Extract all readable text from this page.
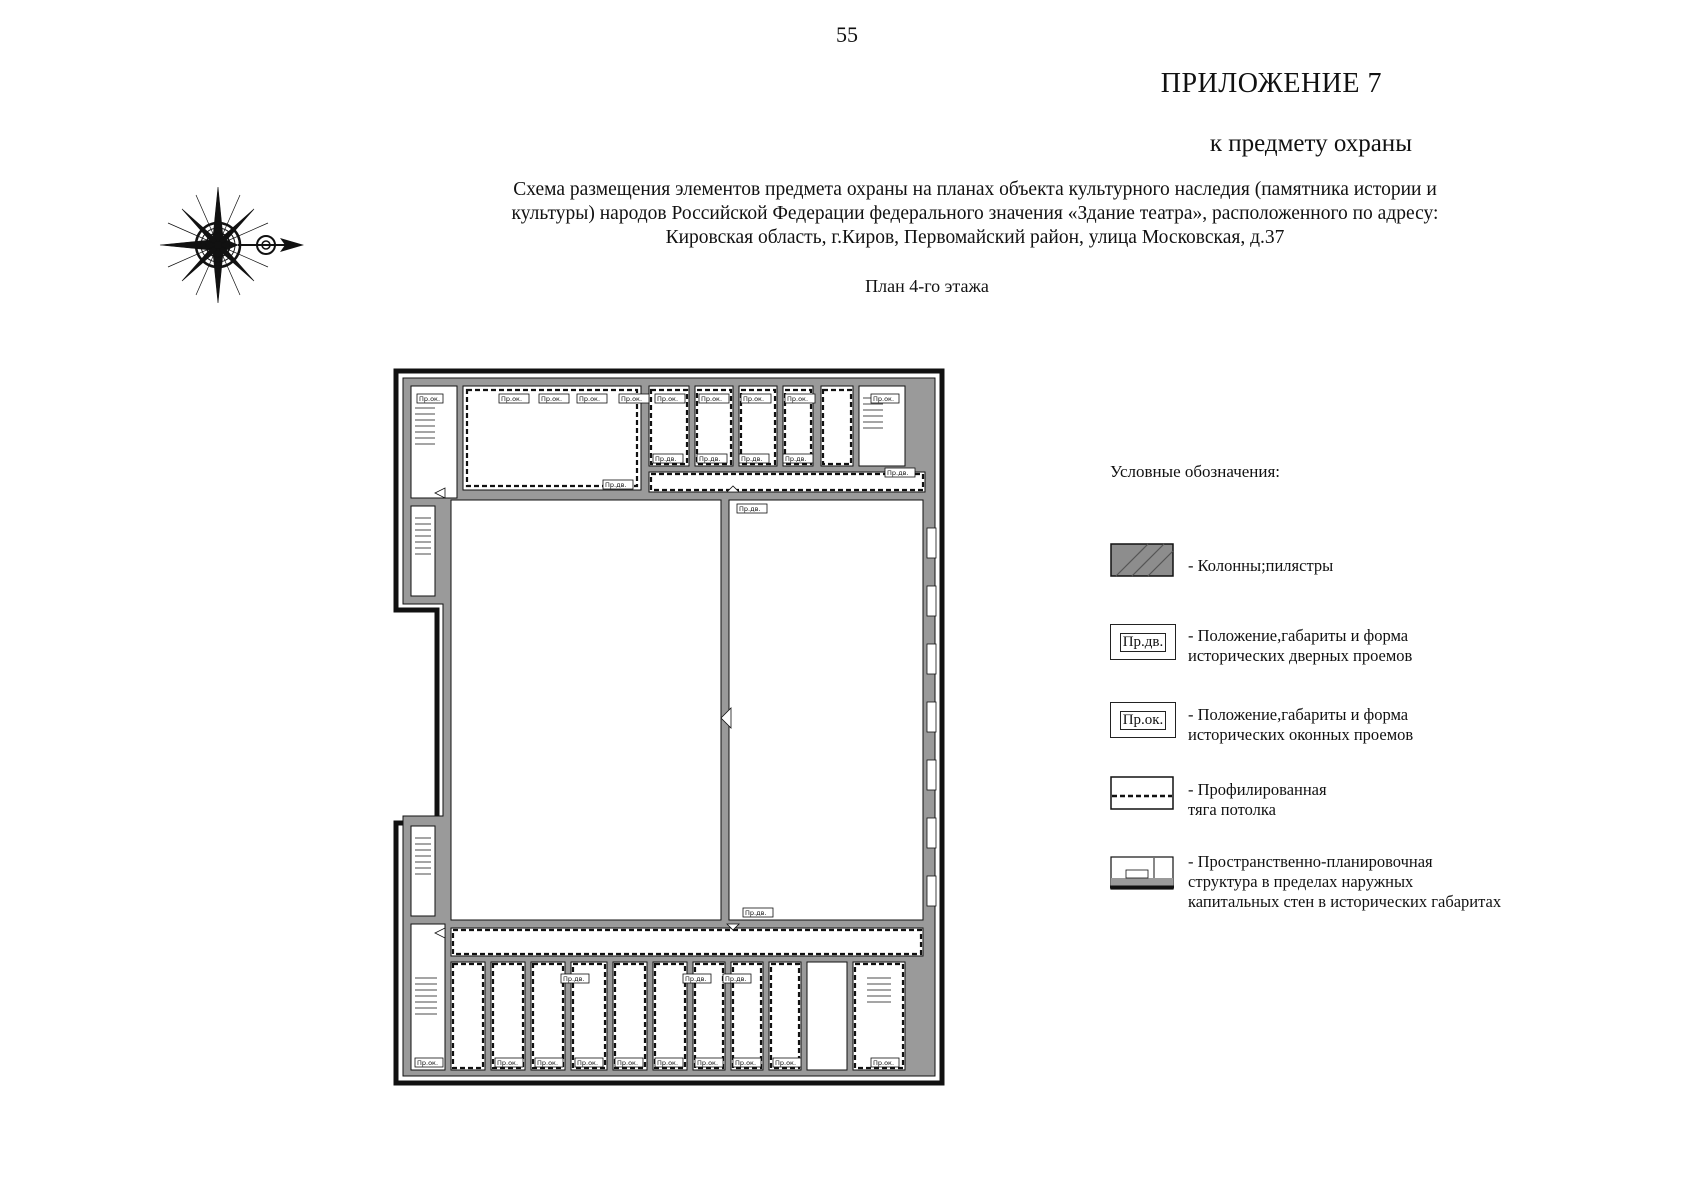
55
ПРИЛОЖЕНИЕ 7
к предмету охраны
Схема размещения элементов предмета охраны на планах объекта культурного наследия (памятника истории и
культуры) народов Российской Федерации федерального значения «Здание театра», расположенного по адресу:
Кировская область, г.Киров, Первомайский район, улица Московская, д.37
План 4-го этажа
Пр.ок.	Пр.ок.	Пр.ок.	Пр.ок.	Пр.ок. Пр.ок.	Пр.ок.	Пр.ок.	Пр.ок.	Пр.ок.
Пр.дв.	Пр.дв.	Пр.дв.	Пр.дв.
Пр.дв.
Пр.дв.
Пр.дв.
Пр.дв.
Пр.дв.	Пр.дв.	Пр.дв.
Пр.ок.	Пр.ок.	Пр.ок.	Пр.ок.	Пр.ок.	Пр.ок.	Пр.ок.	Пр.ок.	Пр.ок.	Пр.ок.
Условные обозначения:
- Колонны;пилястры
Пр.дв. - Положение,габариты и форма
исторических дверных проемов
Пр.ок. - Положение,габариты и форма
исторических оконных проемов
- Профилированная
тяга потолка
- Пространственно-планировочная
структура в пределах наружных
капитальных стен в исторических габаритах
